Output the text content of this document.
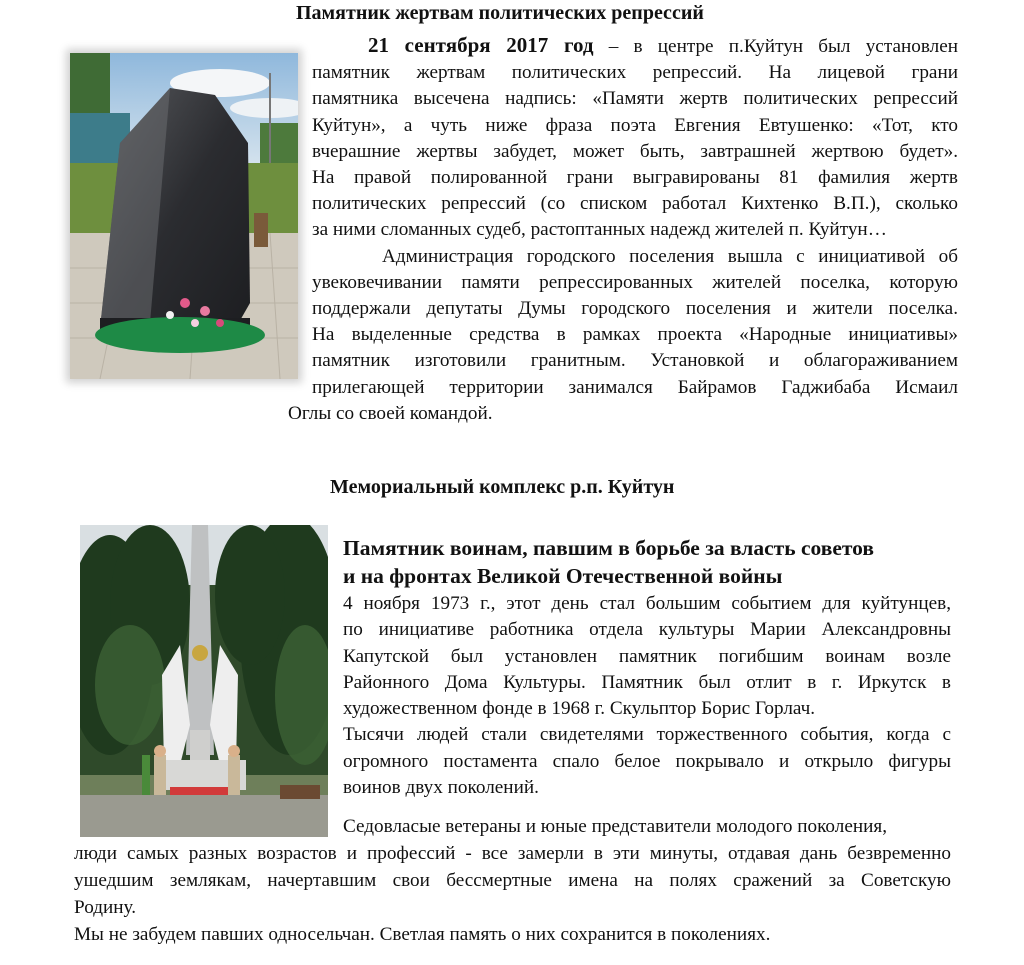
Памятник жертвам политических репрессий
21 сентября 2017 год – в центре п.Куйтун был установлен
памятник жертвам политических репрессий. На лицевой грани
памятника высечена надпись: «Памяти жертв политических репрессий
Куйтун», а чуть ниже фраза поэта Евгения Евтушенко: «Тот, кто
вчерашние жертвы забудет, может быть, завтрашней жертвою будет».
На правой полированной грани выгравированы 81 фамилия жертв
политических репрессий (со списком работал Кихтенко В.П.), сколько
за ними сломанных судеб, растоптанных надежд жителей п. Куйтун…
Администрация городского поселения вышла с инициативой об
увековечивании памяти репрессированных жителей поселка, которую
поддержали депутаты Думы городского поселения и жители поселка.
На выделенные средства в рамках проекта «Народные инициативы»
памятник изготовили гранитным. Установкой и облагораживанием
прилегающей территории занимался Байрамов Гаджибаба Исмаил
Оглы со своей командой.
Мемориальный комплекс р.п. Куйтун
Памятник воинам, павшим в борьбе за власть советов
и на фронтах Великой Отечественной войны
4 ноября 1973 г., этот день стал большим событием для куйтунцев,
по инициативе работника отдела культуры Марии Александровны
Капутской был установлен памятник погибшим воинам возле
Районного Дома Культуры. Памятник был отлит в г. Иркутск в
художественном фонде в 1968 г. Скульптор Борис Горлач.
Тысячи людей стали свидетелями торжественного события, когда с
огромного постамента спало белое покрывало и открыло фигуры
воинов двух поколений.
Седовласые ветераны и юные представители молодого поколения,
люди самых разных возрастов и профессий - все замерли в эти минуты, отдавая дань безвременно
ушедшим землякам, начертавшим свои бессмертные имена на полях сражений за Советскую
Родину.
Мы не забудем павших односельчан. Светлая память о них сохранится в поколениях.
